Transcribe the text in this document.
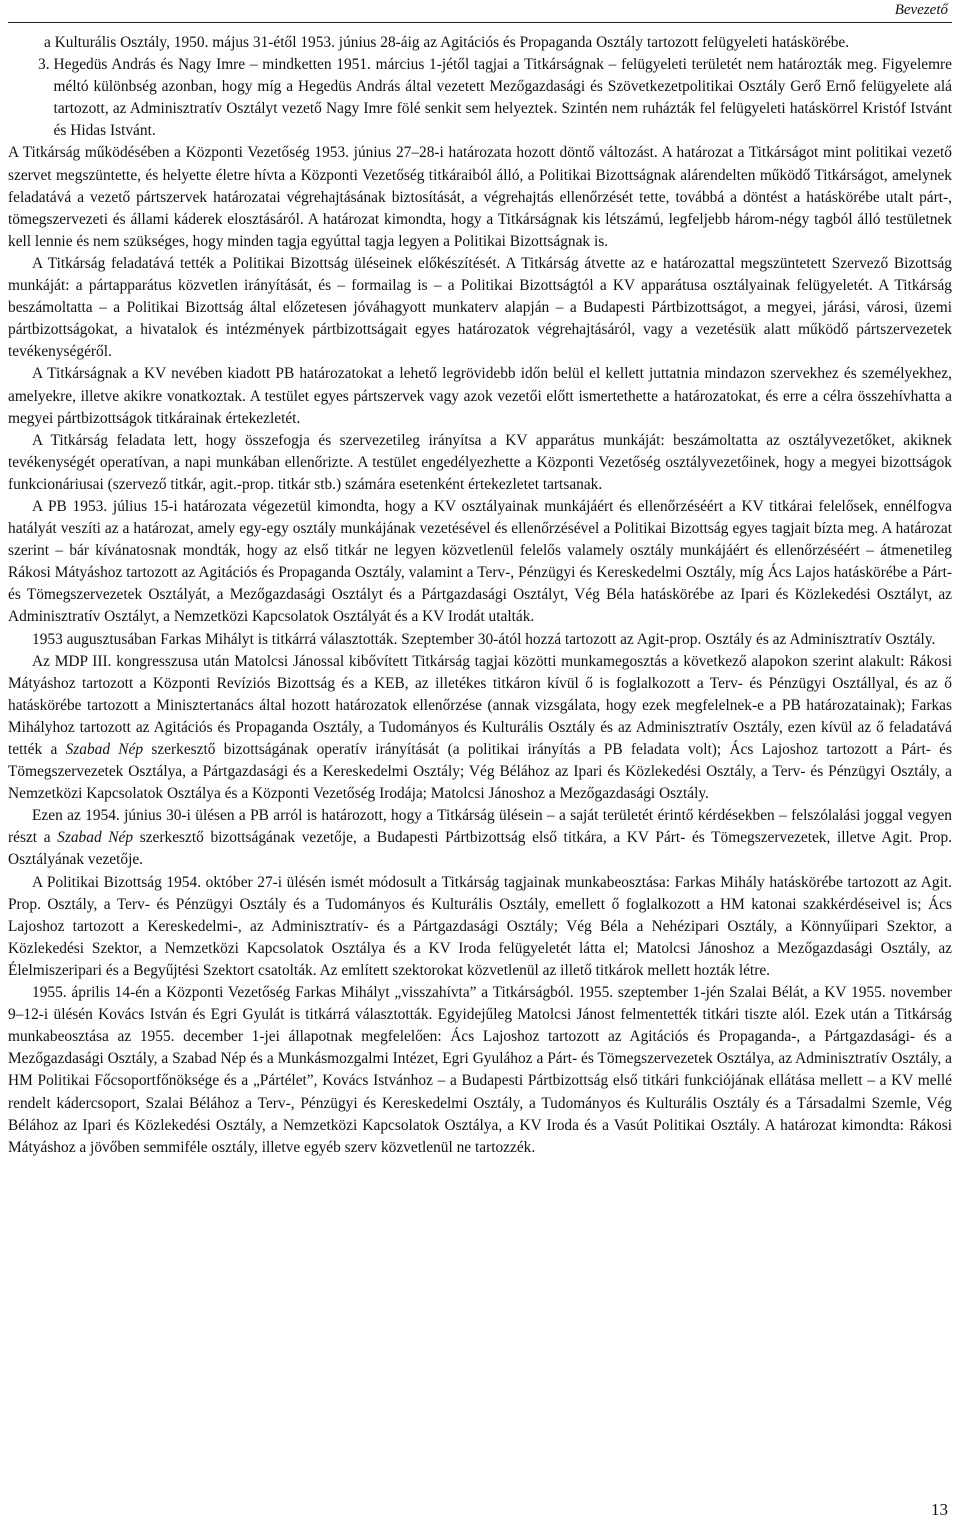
Bevezető
a Kulturális Osztály, 1950. május 31-étől 1953. június 28-áig az Agitációs és Propaganda Osztály tartozott felügyeleti hatáskörébe.
3. Hegedüs András és Nagy Imre – mindketten 1951. március 1-jétől tagjai a Titkárságnak – felügyeleti területét nem határozták meg. Figyelemre méltó különbség azonban, hogy míg a Hegedüs András által vezetett Mezőgazdasági és Szövetkezetpolitikai Osztály Gerő Ernő felügyelete alá tartozott, az Adminisztratív Osztályt vezető Nagy Imre fölé senkit sem helyeztek. Szintén nem ruházták fel felügyeleti hatáskörrel Kristóf Istvánt és Hidas Istvánt.

A Titkárság működésében a Központi Vezetőség 1953. június 27–28-i határozata hozott döntő változást. A határozat a Titkárságot mint politikai vezető szervet megszüntette, és helyette életre hívta a Központi Vezetőség titkáraiból álló, a Politikai Bizottságnak alárendelten működő Titkárságot, amelynek feladatává a vezető pártszervek határozatai végrehajtásának biztosítását, a végrehajtás ellenőrzését tette, továbbá a döntést a hatáskörébe utalt párt-, tömegszervezeti és állami káderek elosztásáról. A határozat kimondta, hogy a Titkárságnak kis létszámú, legfeljebb három-négy tagból álló testületnek kell lennie és nem szükséges, hogy minden tagja egyúttal tagja legyen a Politikai Bizottságnak is.

A Titkárság feladatává tették a Politikai Bizottság üléseinek előkészítését. A Titkárság átvette az e határozattal megszüntetett Szervező Bizottság munkáját: a pártapparátus közvetlen irányítását, és – formailag is – a Politikai Bizottságtól a KV apparátusa osztályainak felügyeletét. A Titkárság beszámoltatta – a Politikai Bizottság által előzetesen jóváhagyott munkaterv alapján – a Budapesti Pártbizottságot, a megyei, járási, városi, üzemi pártbizottságokat, a hivatalok és intézmények pártbizottságait egyes határozatok végrehajtásáról, vagy a vezetésük alatt működő pártszervezetek tevékenységéről.

A Titkárságnak a KV nevében kiadott PB határozatokat a lehető legrövidebb időn belül el kellett juttatnia mindazon szervekhez és személyekhez, amelyekre, illetve akikre vonatkoztak. A testület egyes pártszervek vagy azok vezetői előtt ismertethette a határozatokat, és erre a célra összehívhatta a megyei pártbizottságok titkárainak értekezletét.

A Titkárság feladata lett, hogy összefogja és szervezetileg irányítsa a KV apparátus munkáját: beszámoltatta az osztályvezetőket, akiknek tevékenységét operatívan, a napi munkában ellenőrizte. A testület engedélyezhette a Központi Vezetőség osztályvezetőinek, hogy a megyei bizottságok funkcionáriusai (szervező titkár, agit.-prop. titkár stb.) számára esetenként értekezletet tartsanak.

A PB 1953. július 15-i határozata végezetül kimondta, hogy a KV osztályainak munkájáért és ellenőrzéséért a KV titkárai felelősek, ennélfogva hatályát veszíti az a határozat, amely egy-egy osztály munkájának vezetésével és ellenőrzésével a Politikai Bizottság egyes tagjait bízta meg. A határozat szerint – bár kívánatosnak mondták, hogy az első titkár ne legyen közvetlenül felelős valamely osztály munkájáért és ellenőrzéséért – átmenetileg Rákosi Mátyáshoz tartozott az Agitációs és Propaganda Osztály, valamint a Terv-, Pénzügyi és Kereskedelmi Osztály, míg Ács Lajos hatáskörébe a Párt- és Tömegszervezetek Osztályát, a Mezőgazdasági Osztályt és a Pártgazdasági Osztályt, Vég Béla hatáskörébe az Ipari és Közlekedési Osztályt, az Adminisztratív Osztályt, a Nemzetközi Kapcsolatok Osztályát és a KV Irodát utalták.

1953 augusztusában Farkas Mihályt is titkárrá választották. Szeptember 30-ától hozzá tartozott az Agit-prop. Osztály és az Adminisztratív Osztály.

Az MDP III. kongresszusa után Matolcsi Jánossal kibővített Titkárság tagjai közötti munkamegosztás a következő alapokon szerint alakult: Rákosi Mátyáshoz tartozott a Központi Revíziós Bizottság és a KEB, az illetékes titkáron kívül ő is foglalkozott a Terv- és Pénzügyi Osztállyal, és az ő hatáskörébe tartozott a Minisztertanács által hozott határozatok ellenőrzése (annak vizsgálata, hogy ezek megfelelnek-e a PB határozatainak); Farkas Mihályhoz tartozott az Agitációs és Propaganda Osztály, a Tudományos és Kulturális Osztály és az Adminisztratív Osztály, ezen kívül az ő feladatává tették a Szabad Nép szerkesztő bizottságának operatív irányítását (a politikai irányítás a PB feladata volt); Ács Lajoshoz tartozott a Párt- és Tömegszervezetek Osztálya, a Pártgazdasági és a Kereskedelmi Osztály; Vég Bélához az Ipari és Közlekedési Osztály, a Terv- és Pénzügyi Osztály, a Nemzetközi Kapcsolatok Osztálya és a Központi Vezetőség Irodája; Matolcsi Jánoshoz a Mezőgazdasági Osztály.

Ezen az 1954. június 30-i ülésen a PB arról is határozott, hogy a Titkárság ülésein – a saját területét érintő kérdésekben – felszólalási joggal vegyen részt a Szabad Nép szerkesztő bizottságának vezetője, a Budapesti Pártbizottság első titkára, a KV Párt- és Tömegszervezetek, illetve Agit. Prop. Osztályának vezetője.

A Politikai Bizottság 1954. október 27-i ülésén ismét módosult a Titkárság tagjainak munkabeosztása: Farkas Mihály hatáskörébe tartozott az Agit. Prop. Osztály, a Terv- és Pénzügyi Osztály és a Tudományos és Kulturális Osztály, emellett ő foglalkozott a HM katonai szakkérdéseivel is; Ács Lajoshoz tartozott a Kereskedelmi-, az Adminisztratív- és a Pártgazdasági Osztály; Vég Béla a Nehézipari Osztály, a Könnyűipari Szektor, a Közlekedési Szektor, a Nemzetközi Kapcsolatok Osztálya és a KV Iroda felügyeletét látta el; Matolcsi Jánoshoz a Mezőgazdasági Osztály, az Élelmiszeripari és a Begyűjtési Szektort csatolták. Az említett szektorokat közvetlenül az illető titkárok mellett hozták létre.

1955. április 14-én a Központi Vezetőség Farkas Mihályt „visszahívta” a Titkárságból. 1955. szeptember 1-jén Szalai Bélát, a KV 1955. november 9–12-i ülésén Kovács István és Egri Gyulát is titkárrá választották. Egyidejűleg Matolcsi Jánost felmentették titkári tiszte alól. Ezek után a Titkárság munkabeosztása az 1955. december 1-jei állapotnak megfelelően: Ács Lajoshoz tartozott az Agitációs és Propaganda-, a Pártgazdasági- és a Mezőgazdasági Osztály, a Szabad Nép és a Munkásmozgalmi Intézet, Egri Gyulához a Párt- és Tömegszervezetek Osztálya, az Adminisztratív Osztály, a HM Politikai Főcsoportfőnöksége és a „Pártélet”, Kovács Istvánhoz – a Budapesti Pártbizottság első titkári funkciójának ellátása mellett – a KV mellé rendelt kádercsoport, Szalai Bélához a Terv-, Pénzügyi és Kereskedelmi Osztály, a Tudományos és Kulturális Osztály és a Társadalmi Szemle, Vég Bélához az Ipari és Közlekedési Osztály, a Nemzetközi Kapcsolatok Osztálya, a KV Iroda és a Vasút Politikai Osztály. A határozat kimondta: Rákosi Mátyáshoz a jövőben semmiféle osztály, illetve egyéb szerv közvetlenül ne tartozzék.

13
